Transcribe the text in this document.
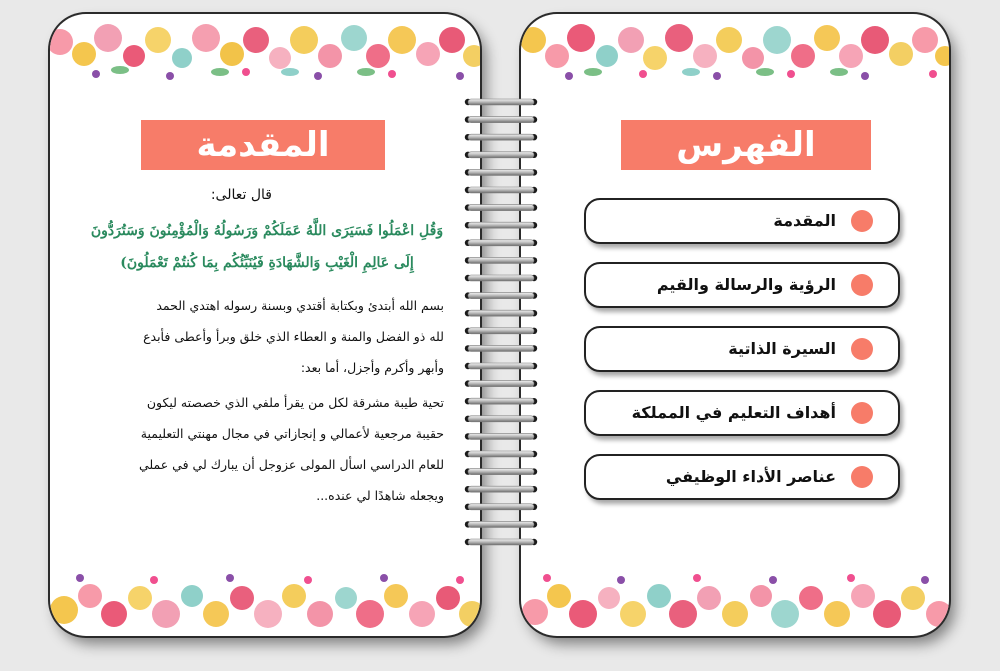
المقدمة
قال تعالى:
وَقُلِ اعْمَلُوا فَسَيَرَى اللَّهُ عَمَلَكُمْ وَرَسُولُهُ وَالْمُؤْمِنُونَ وَسَتُرَدُّونَ
إِلَى عَالِمِ الْغَيْبِ وَالشَّهَادَةِ فَيُنَبِّئُكُم بِمَا كُنتُمْ تَعْمَلُونَ)
بسم الله أبتدئ وبكتابة أقتدي وبسنة رسوله اهتدي الحمد
لله ذو الفضل والمنة و العطاء الذي خلق وبرأ وأعطى فأبدع
وأبهر وأكرم وأجزل، أما بعد:
تحية طيبة مشرقة لكل من يقرأ ملفي الذي خصصته ليكون
حقيبة مرجعية لأعمالي و إنجازاتي في مجال مهنتي التعليمية
للعام الدراسي اسأل المولى عزوجل أن يبارك لي في عملي
ويجعله شاهدًا لي عنده...
الفهرس
المقدمة
الرؤية والرسالة والقيم
السيرة الذاتية
أهداف التعليم في المملكة
عناصر الأداء الوظيفي
